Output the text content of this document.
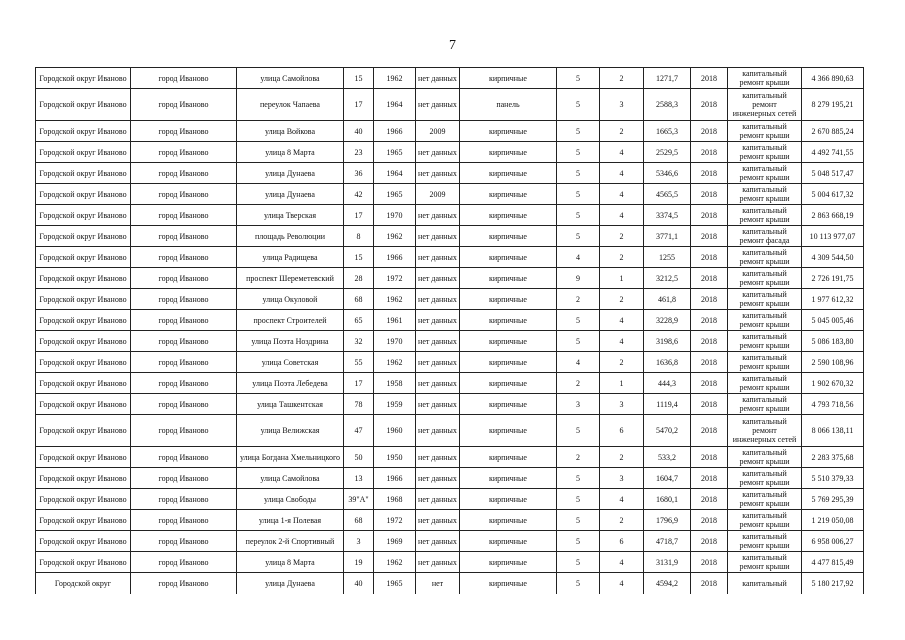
7
Городской округ Иваново	город Иваново	улица Самойлова	15	1962	нет данных	кирпичные	5	2	1271,7	2018	капитальный ремонт крыши	4 366 890,63
Городской округ Иваново	город Иваново	переулок Чапаева	17	1964	нет данных	панель	5	3	2588,3	2018	капитальный ремонт инженерных сетей	8 279 195,21
Городской округ Иваново	город Иваново	улица Войкова	40	1966	2009	кирпичные	5	2	1665,3	2018	капитальный ремонт крыши	2 670 885,24
Городской округ Иваново	город Иваново	улица 8 Марта	23	1965	нет данных	кирпичные	5	4	2529,5	2018	капитальный ремонт крыши	4 492 741,55
Городской округ Иваново	город Иваново	улица Дунаева	36	1964	нет данных	кирпичные	5	4	5346,6	2018	капитальный ремонт крыши	5 048 517,47
Городской округ Иваново	город Иваново	улица Дунаева	42	1965	2009	кирпичные	5	4	4565,5	2018	капитальный ремонт крыши	5 004 617,32
Городской округ Иваново	город Иваново	улица Тверская	17	1970	нет данных	кирпичные	5	4	3374,5	2018	капитальный ремонт крыши	2 863 668,19
Городской округ Иваново	город Иваново	площадь Революции	8	1962	нет данных	кирпичные	5	2	3771,1	2018	капитальный ремонт фасада	10 113 977,07
Городской округ Иваново	город Иваново	улица Радищева	15	1966	нет данных	кирпичные	4	2	1255	2018	капитальный ремонт крыши	4 309 544,50
Городской округ Иваново	город Иваново	проспект Шереметевский	28	1972	нет данных	кирпичные	9	1	3212,5	2018	капитальный ремонт крыши	2 726 191,75
Городской округ Иваново	город Иваново	улица Окуловой	68	1962	нет данных	кирпичные	2	2	461,8	2018	капитальный ремонт крыши	1 977 612,32
Городской округ Иваново	город Иваново	проспект Строителей	65	1961	нет данных	кирпичные	5	4	3228,9	2018	капитальный ремонт крыши	5 045 005,46
Городской округ Иваново	город Иваново	улица Поэта Ноздрина	32	1970	нет данных	кирпичные	5	4	3198,6	2018	капитальный ремонт крыши	5 086 183,80
Городской округ Иваново	город Иваново	улица Советская	55	1962	нет данных	кирпичные	4	2	1636,8	2018	капитальный ремонт крыши	2 590 108,96
Городской округ Иваново	город Иваново	улица Поэта Лебедева	17	1958	нет данных	кирпичные	2	1	444,3	2018	капитальный ремонт крыши	1 902 670,32
Городской округ Иваново	город Иваново	улица Ташкентская	78	1959	нет данных	кирпичные	3	3	1119,4	2018	капитальный ремонт крыши	4 793 718,56
Городской округ Иваново	город Иваново	улица Велижская	47	1960	нет данных	кирпичные	5	6	5470,2	2018	капитальный ремонт инженерных сетей	8 066 138,11
Городской округ Иваново	город Иваново	улица Богдана Хмельницкого	50	1950	нет данных	кирпичные	2	2	533,2	2018	капитальный ремонт крыши	2 283 375,68
Городской округ Иваново	город Иваново	улица Самойлова	13	1966	нет данных	кирпичные	5	3	1604,7	2018	капитальный ремонт крыши	5 510 379,33
Городской округ Иваново	город Иваново	улица Свободы	39"А"	1968	нет данных	кирпичные	5	4	1680,1	2018	капитальный ремонт крыши	5 769 295,39
Городской округ Иваново	город Иваново	улица 1-я Полевая	68	1972	нет данных	кирпичные	5	2	1796,9	2018	капитальный ремонт крыши	1 219 050,08
Городской округ Иваново	город Иваново	переулок 2-й Спортивный	3	1969	нет данных	кирпичные	5	6	4718,7	2018	капитальный ремонт крыши	6 958 006,27
Городской округ Иваново	город Иваново	улица 8 Марта	19	1962	нет данных	кирпичные	5	4	3131,9	2018	капитальный ремонт крыши	4 477 815,49
Городской округ	город Иваново	улица Дунаева	40	1965	нет	кирпичные	5	4	4594,2	2018	капитальный	5 180 217,92
